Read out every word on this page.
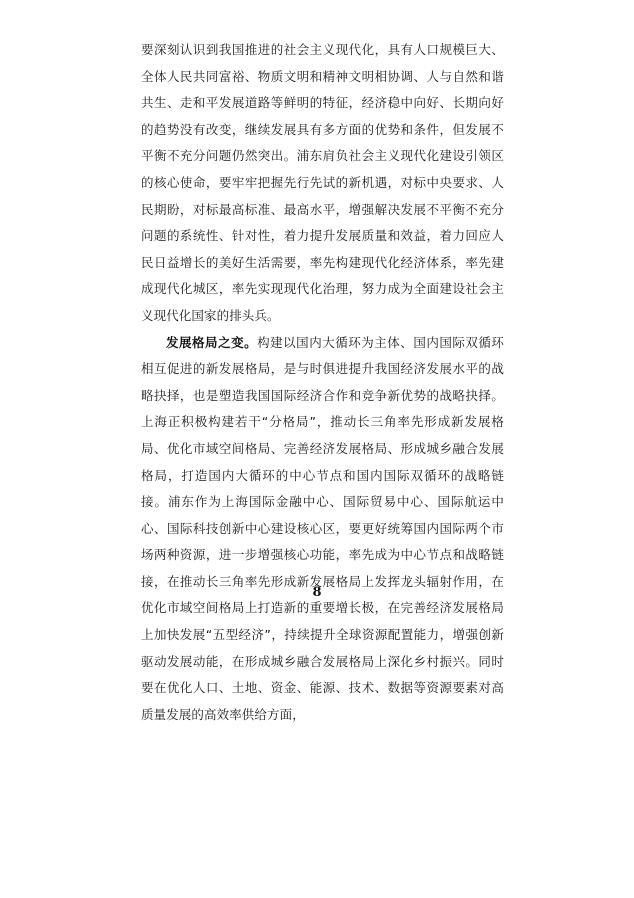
要深刻认识到我国推进的社会主义现代化，具有人口规模巨大、全体人民共同富裕、物质文明和精神文明相协调、人与自然和谐共生、走和平发展道路等鲜明的特征，经济稳中向好、长期向好的趋势没有改变，继续发展具有多方面的优势和条件，但发展不平衡不充分问题仍然突出。浦东肩负社会主义现代化建设引领区的核心使命，要牢牢把握先行先试的新机遇，对标中央要求、人民期盼，对标最高标准、最高水平，增强解决发展不平衡不充分问题的系统性、针对性，着力提升发展质量和效益，着力回应人民日益增长的美好生活需要，率先构建现代化经济体系，率先建成现代化城区，率先实现现代化治理，努力成为全面建设社会主义现代化国家的排头兵。

发展格局之变。构建以国内大循环为主体、国内国际双循环相互促进的新发展格局，是与时俱进提升我国经济发展水平的战略抉择，也是塑造我国国际经济合作和竞争新优势的战略抉择。上海正积极构建若干“分格局”，推动长三角率先形成新发展格局、优化市域空间格局、完善经济发展格局、形成城乡融合发展格局，打造国内大循环的中心节点和国内国际双循环的战略链接。浦东作为上海国际金融中心、国际贸易中心、国际航运中心、国际科技创新中心建设核心区，要更好统筹国内国际两个市场两种资源，进一步增强核心功能，率先成为中心节点和战略链接，在推动长三角率先形成新发展格局上发挥龙头辐射作用，在优化市域空间格局上打造新的重要增长极，在完善经济发展格局上加快发展“五型经济”，持续提升全球资源配置能力，增强创新驱动发展动能，在形成城乡融合发展格局上深化乡村振兴。同时要在优化人口、土地、资金、能源、技术、数据等资源要素对高质量发展的高效率供给方面，

8
